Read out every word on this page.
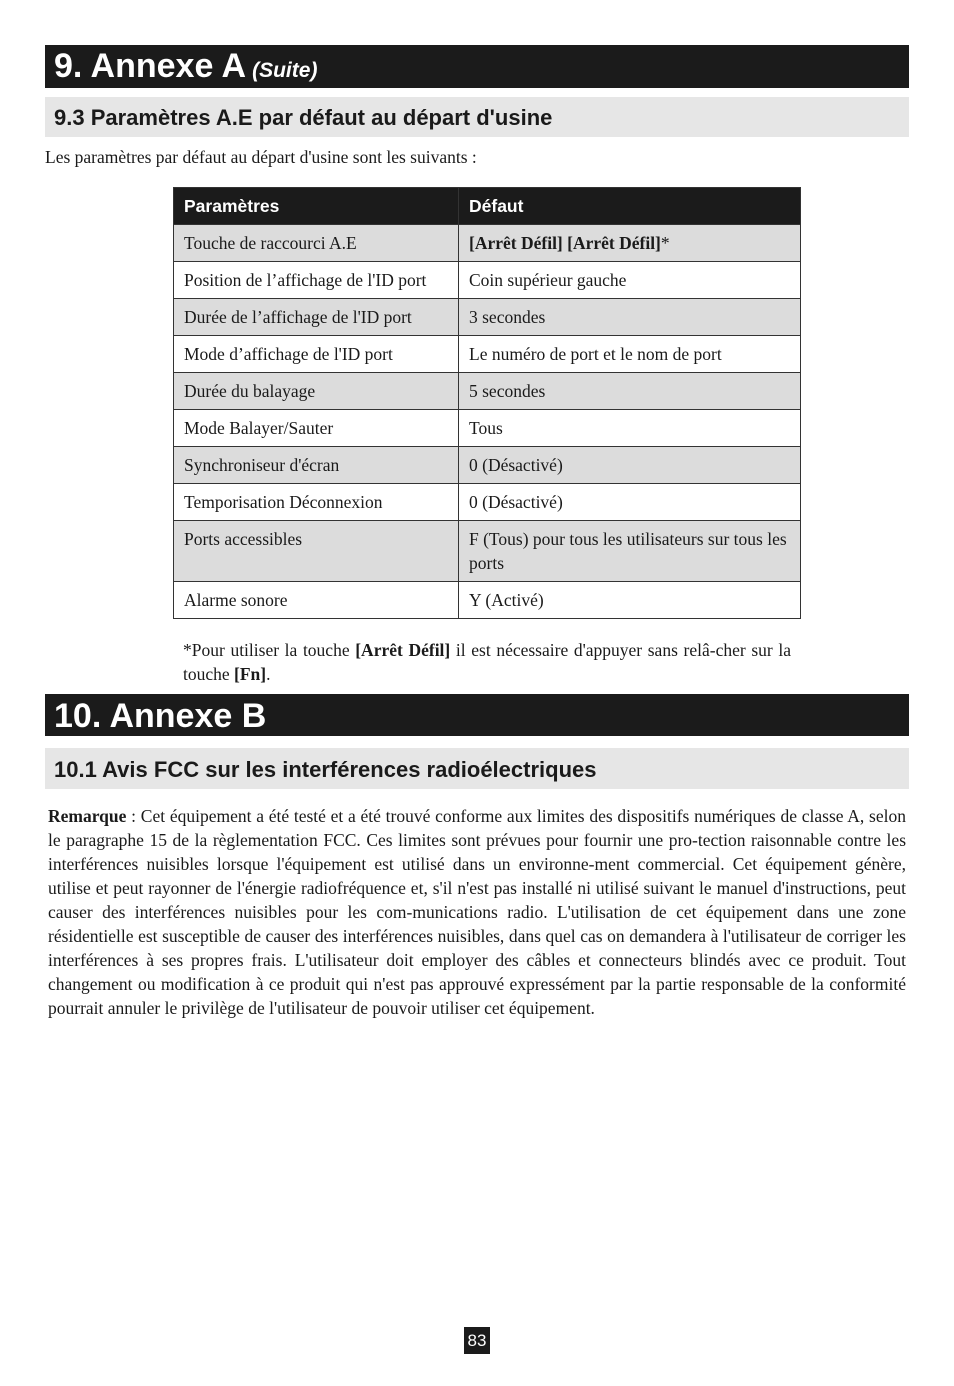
9. Annexe A (Suite)
9.3 Paramètres A.E par défaut au départ d'usine
Les paramètres par défaut au départ d'usine sont les suivants :
Paramètres	Défaut
Touche de raccourci A.E	[Arrêt Défil] [Arrêt Défil]*
Position de l’affichage de l'ID port	Coin supérieur gauche
Durée de l’affichage de l'ID port	3 secondes
Mode d’affichage de l'ID port	Le numéro de port et le nom de port
Durée du balayage	5 secondes
Mode Balayer/Sauter	Tous
Synchroniseur d'écran	0 (Désactivé)
Temporisation Déconnexion	0 (Désactivé)
Ports accessibles	F (Tous) pour tous les utilisateurs sur tous les ports
Alarme sonore	Y (Activé)
*Pour utiliser la touche [Arrêt Défil] il est nécessaire d'appuyer sans relâ-cher sur la touche [Fn].
10. Annexe B
10.1 Avis FCC sur les interférences radioélectriques
Remarque : Cet équipement a été testé et a été trouvé conforme aux limites des dispositifs numériques de classe A, selon le paragraphe 15 de la règlementation FCC. Ces limites sont prévues pour fournir une pro-tection raisonnable contre les interférences nuisibles lorsque l'équipement est utilisé dans un environne-ment commercial. Cet équipement génère, utilise et peut rayonner de l'énergie radiofréquence et, s'il n'est pas installé ni utilisé suivant le manuel d'instructions, peut causer des interférences nuisibles pour les com-munications radio. L'utilisation de cet équipement dans une zone résidentielle est susceptible de causer des interférences nuisibles, dans quel cas on demandera à l'utilisateur de corriger les interférences à ses propres frais. L'utilisateur doit employer des câbles et connecteurs blindés avec ce produit. Tout changement ou modification à ce produit qui n'est pas approuvé expressément par la partie responsable de la conformité pourrait annuler le privilège de l'utilisateur de pouvoir utiliser cet équipement.
83
